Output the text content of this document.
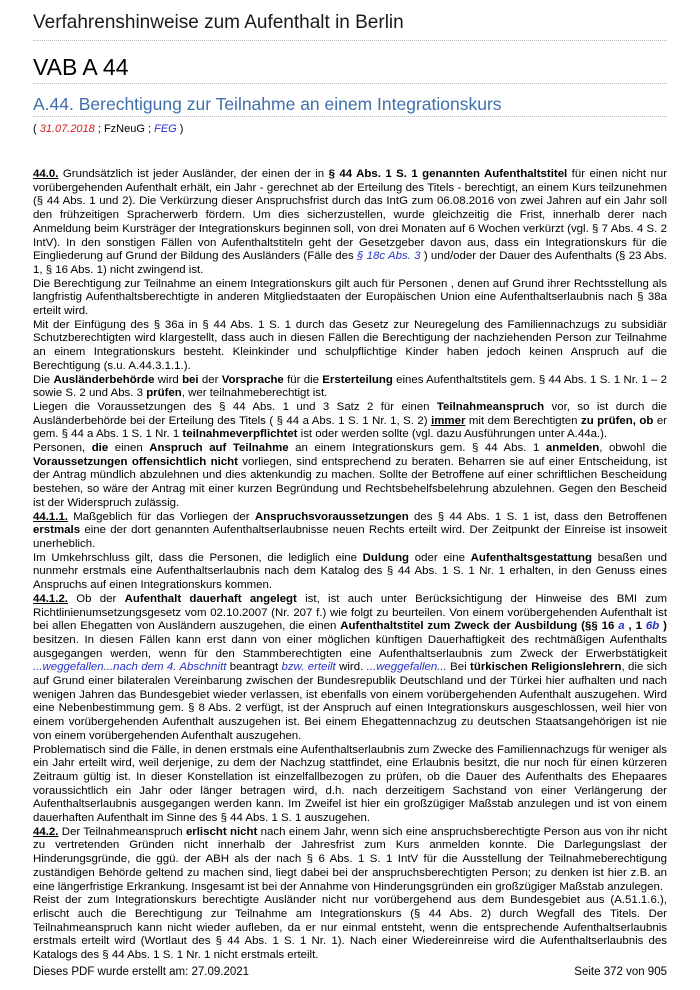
Verfahrenshinweise zum Aufenthalt in Berlin
VAB A 44
A.44. Berechtigung zur Teilnahme an einem Integrationskurs
( 31.07.2018 ; FzNeuG ; FEG )

44.0. Grundsätzlich ist jeder Ausländer, der einen der in § 44 Abs. 1 S. 1 genannten Aufenthaltstitel für einen nicht nur vorübergehenden Aufenthalt erhält, ein Jahr - gerechnet ab der Erteilung des Titels - berechtigt, an einem Kurs teilzunehmen (§ 44 Abs. 1 und 2). Die Verkürzung dieser Anspruchsfrist durch das IntG zum 06.08.2016 von zwei Jahren auf ein Jahr soll den frühzeitigen Spracherwerb fördern. Um dies sicherzustellen, wurde gleichzeitig die Frist, innerhalb derer nach Anmeldung beim Kursträger der Integrationskurs beginnen soll, von drei Monaten auf 6 Wochen verkürzt (vgl. § 7 Abs. 4 S. 2 IntV). In den sonstigen Fällen von Aufenthaltstiteln geht der Gesetzgeber davon aus, dass ein Integrationskurs für die Eingliederung auf Grund der Bildung des Ausländers (Fälle des § 18c Abs. 3 ) und/oder der Dauer des Aufenthalts (§ 23 Abs. 1, § 16 Abs. 1) nicht zwingend ist.

Die Berechtigung zur Teilnahme an einem Integrationskurs gilt auch für Personen , denen auf Grund ihrer Rechtsstellung als langfristig Aufenthaltsberechtigte in anderen Mitgliedstaaten der Europäischen Union eine Aufenthaltserlaubnis nach § 38a erteilt wird.

Mit der Einfügung des § 36a in § 44 Abs. 1 S. 1 durch das Gesetz zur Neuregelung des Familiennachzugs zu subsidiär Schutzberechtigten wird klargestellt, dass auch in diesen Fällen die Berechtigung der nachziehenden Person zur Teilnahme an einem Integrationskurs besteht. Kleinkinder und schulpflichtige Kinder haben jedoch keinen Anspruch auf die Berechtigung (s.u. A.44.3.1.1.).

Die Ausländerbehörde wird bei der Vorsprache für die Ersterteilung eines Aufenthaltstitels gem. § 44 Abs. 1 S. 1 Nr. 1 – 2 sowie S. 2 und Abs. 3 prüfen, wer teilnahmeberechtigt ist.

Liegen die Voraussetzungen des § 44 Abs. 1 und 3 Satz 2 für einen Teilnahmeanspruch vor, so ist durch die Ausländerbehörde bei der Erteilung des Titels ( § 44 a Abs. 1 S. 1 Nr. 1, S. 2) immer mit dem Berechtigten zu prüfen, ob er gem. § 44 a Abs. 1 S. 1 Nr. 1 teilnahmeverpflichtet ist oder werden sollte (vgl. dazu Ausführungen unter A.44a.).

Personen, die einen Anspruch auf Teilnahme an einem Integrationskurs gem. § 44 Abs. 1 anmelden, obwohl die Voraussetzungen offensichtlich nicht vorliegen, sind entsprechend zu beraten. Beharren sie auf einer Entscheidung, ist der Antrag mündlich abzulehnen und dies aktenkundig zu machen. Sollte der Betroffene auf einer schriftlichen Bescheidung bestehen, so wäre der Antrag mit einer kurzen Begründung und Rechtsbehelfsbelehrung abzulehnen. Gegen den Bescheid ist der Widerspruch zulässig.

44.1.1. Maßgeblich für das Vorliegen der Anspruchsvoraussetzungen des § 44 Abs. 1 S. 1 ist, dass den Betroffenen erstmals eine der dort genannten Aufenthaltserlaubnisse neuen Rechts erteilt wird. Der Zeitpunkt der Einreise ist insoweit unerheblich.

Im Umkehrschluss gilt, dass die Personen, die lediglich eine Duldung oder eine Aufenthaltsgestattung besaßen und nunmehr erstmals eine Aufenthaltserlaubnis nach dem Katalog des § 44 Abs. 1 S. 1 Nr. 1 erhalten, in den Genuss eines Anspruchs auf einen Integrationskurs kommen.

44.1.2. Ob der Aufenthalt dauerhaft angelegt ist, ist auch unter Berücksichtigung der Hinweise des BMI zum Richtlinienumsetzungsgesetz vom 02.10.2007 (Nr. 207 f.) wie folgt zu beurteilen. Von einem vorübergehenden Aufenthalt ist bei allen Ehegatten von Ausländern auszugehen, die einen Aufenthaltstitel zum Zweck der Ausbildung (§§ 16 a , 1 6b ) besitzen. In diesen Fällen kann erst dann von einer möglichen künftigen Dauerhaftigkeit des rechtmäßigen Aufenthalts ausgegangen werden, wenn für den Stammberechtigten eine Aufenthaltserlaubnis zum Zweck der Erwerbstätigkeit ...weggefallen...nach dem 4. Abschnitt beantragt bzw. erteilt wird. ...weggefallen... Bei türkischen Religionslehrern, die sich auf Grund einer bilateralen Vereinbarung zwischen der Bundesrepublik Deutschland und der Türkei hier aufhalten und nach wenigen Jahren das Bundesgebiet wieder verlassen, ist ebenfalls von einem vorübergehenden Aufenthalt auszugehen. Wird eine Nebenbestimmung gem. § 8 Abs. 2 verfügt, ist der Anspruch auf einen Integrationskurs ausgeschlossen, weil hier von einem vorübergehenden Aufenthalt auszugehen ist. Bei einem Ehegattennachzug zu deutschen Staatsangehörigen ist nie von einem vorübergehenden Aufenthalt auszugehen.

Problematisch sind die Fälle, in denen erstmals eine Aufenthaltserlaubnis zum Zwecke des Familiennachzugs für weniger als ein Jahr erteilt wird, weil derjenige, zu dem der Nachzug stattfindet, eine Erlaubnis besitzt, die nur noch für einen kürzeren Zeitraum gültig ist. In dieser Konstellation ist einzelfallbezogen zu prüfen, ob die Dauer des Aufenthalts des Ehepaares voraussichtlich ein Jahr oder länger betragen wird, d.h. nach derzeitigem Sachstand von einer Verlängerung der Aufenthaltserlaubnis ausgegangen werden kann. Im Zweifel ist hier ein großzügiger Maßstab anzulegen und ist von einem dauerhaften Aufenthalt im Sinne des § 44 Abs. 1 S. 1 auszugehen.

44.2. Der Teilnahmeanspruch erlischt nicht nach einem Jahr, wenn sich eine anspruchsberechtigte Person aus von ihr nicht zu vertretenden Gründen nicht innerhalb der Jahresfrist zum Kurs anmelden konnte. Die Darlegungslast der Hinderungsgründe, die ggü. der ABH als der nach § 6 Abs. 1 S. 1 IntV für die Ausstellung der Teilnahmeberechtigung zuständigen Behörde geltend zu machen sind, liegt dabei bei der anspruchsberechtigten Person; zu denken ist hier z.B. an eine längerfristige Erkrankung. Insgesamt ist bei der Annahme von Hinderungsgründen ein großzügiger Maßstab anzulegen.

Reist der zum Integrationskurs berechtigte Ausländer nicht nur vorübergehend aus dem Bundesgebiet aus (A.51.1.6.), erlischt auch die Berechtigung zur Teilnahme am Integrationskurs (§ 44 Abs. 2) durch Wegfall des Titels. Der Teilnahmeanspruch kann nicht wieder aufleben, da er nur einmal entsteht, wenn die entsprechende Aufenthaltserlaubnis erstmals erteilt wird (Wortlaut des § 44 Abs. 1 S. 1 Nr. 1). Nach einer Wiedereinreise wird die Aufenthaltserlaubnis des Katalogs des § 44 Abs. 1 S. 1 Nr. 1 nicht erstmals erteilt.

Dieses PDF wurde erstellt am: 27.09.2021	Seite 372 von 905
